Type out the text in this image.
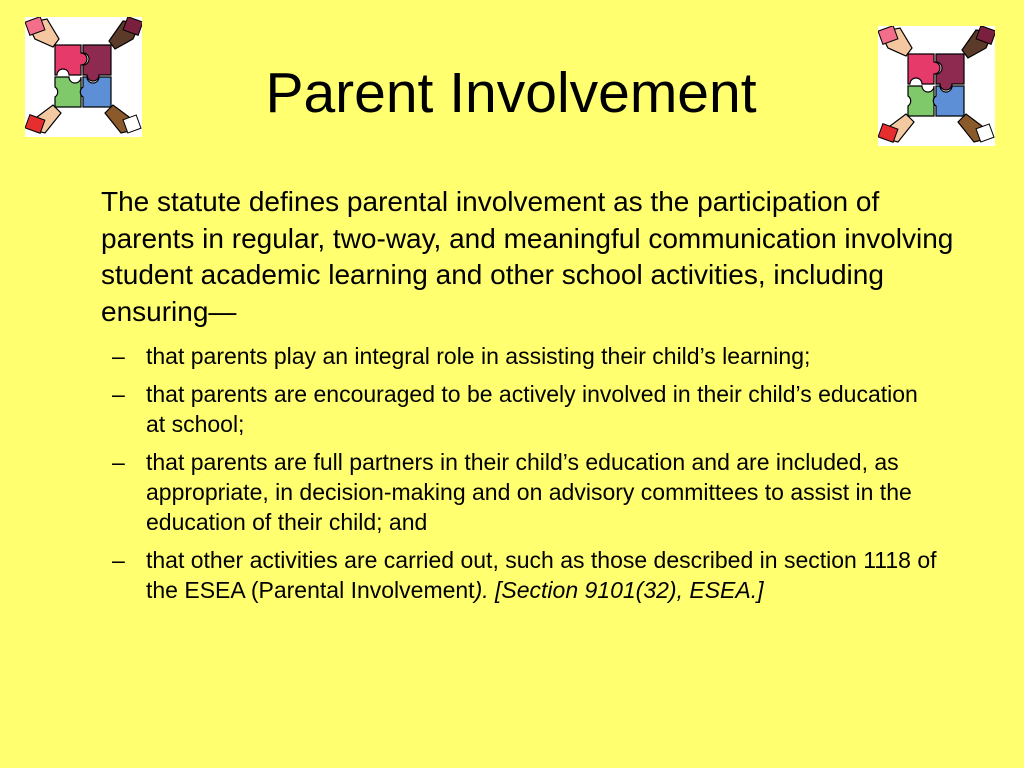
Parent Involvement

The statute defines parental involvement as the participation of parents in regular, two-way, and meaningful communication involving student academic learning and other school activities, including ensuring—

– that parents play an integral role in assisting their child’s learning;
– that parents are encouraged to be actively involved in their child’s education at school;
– that parents are full partners in their child’s education and are included, as appropriate, in decision-making and on advisory committees to assist in the education of their child; and
– that other activities are carried out, such as those described in section 1118 of the ESEA (Parental Involvement). [Section 9101(32), ESEA.]
